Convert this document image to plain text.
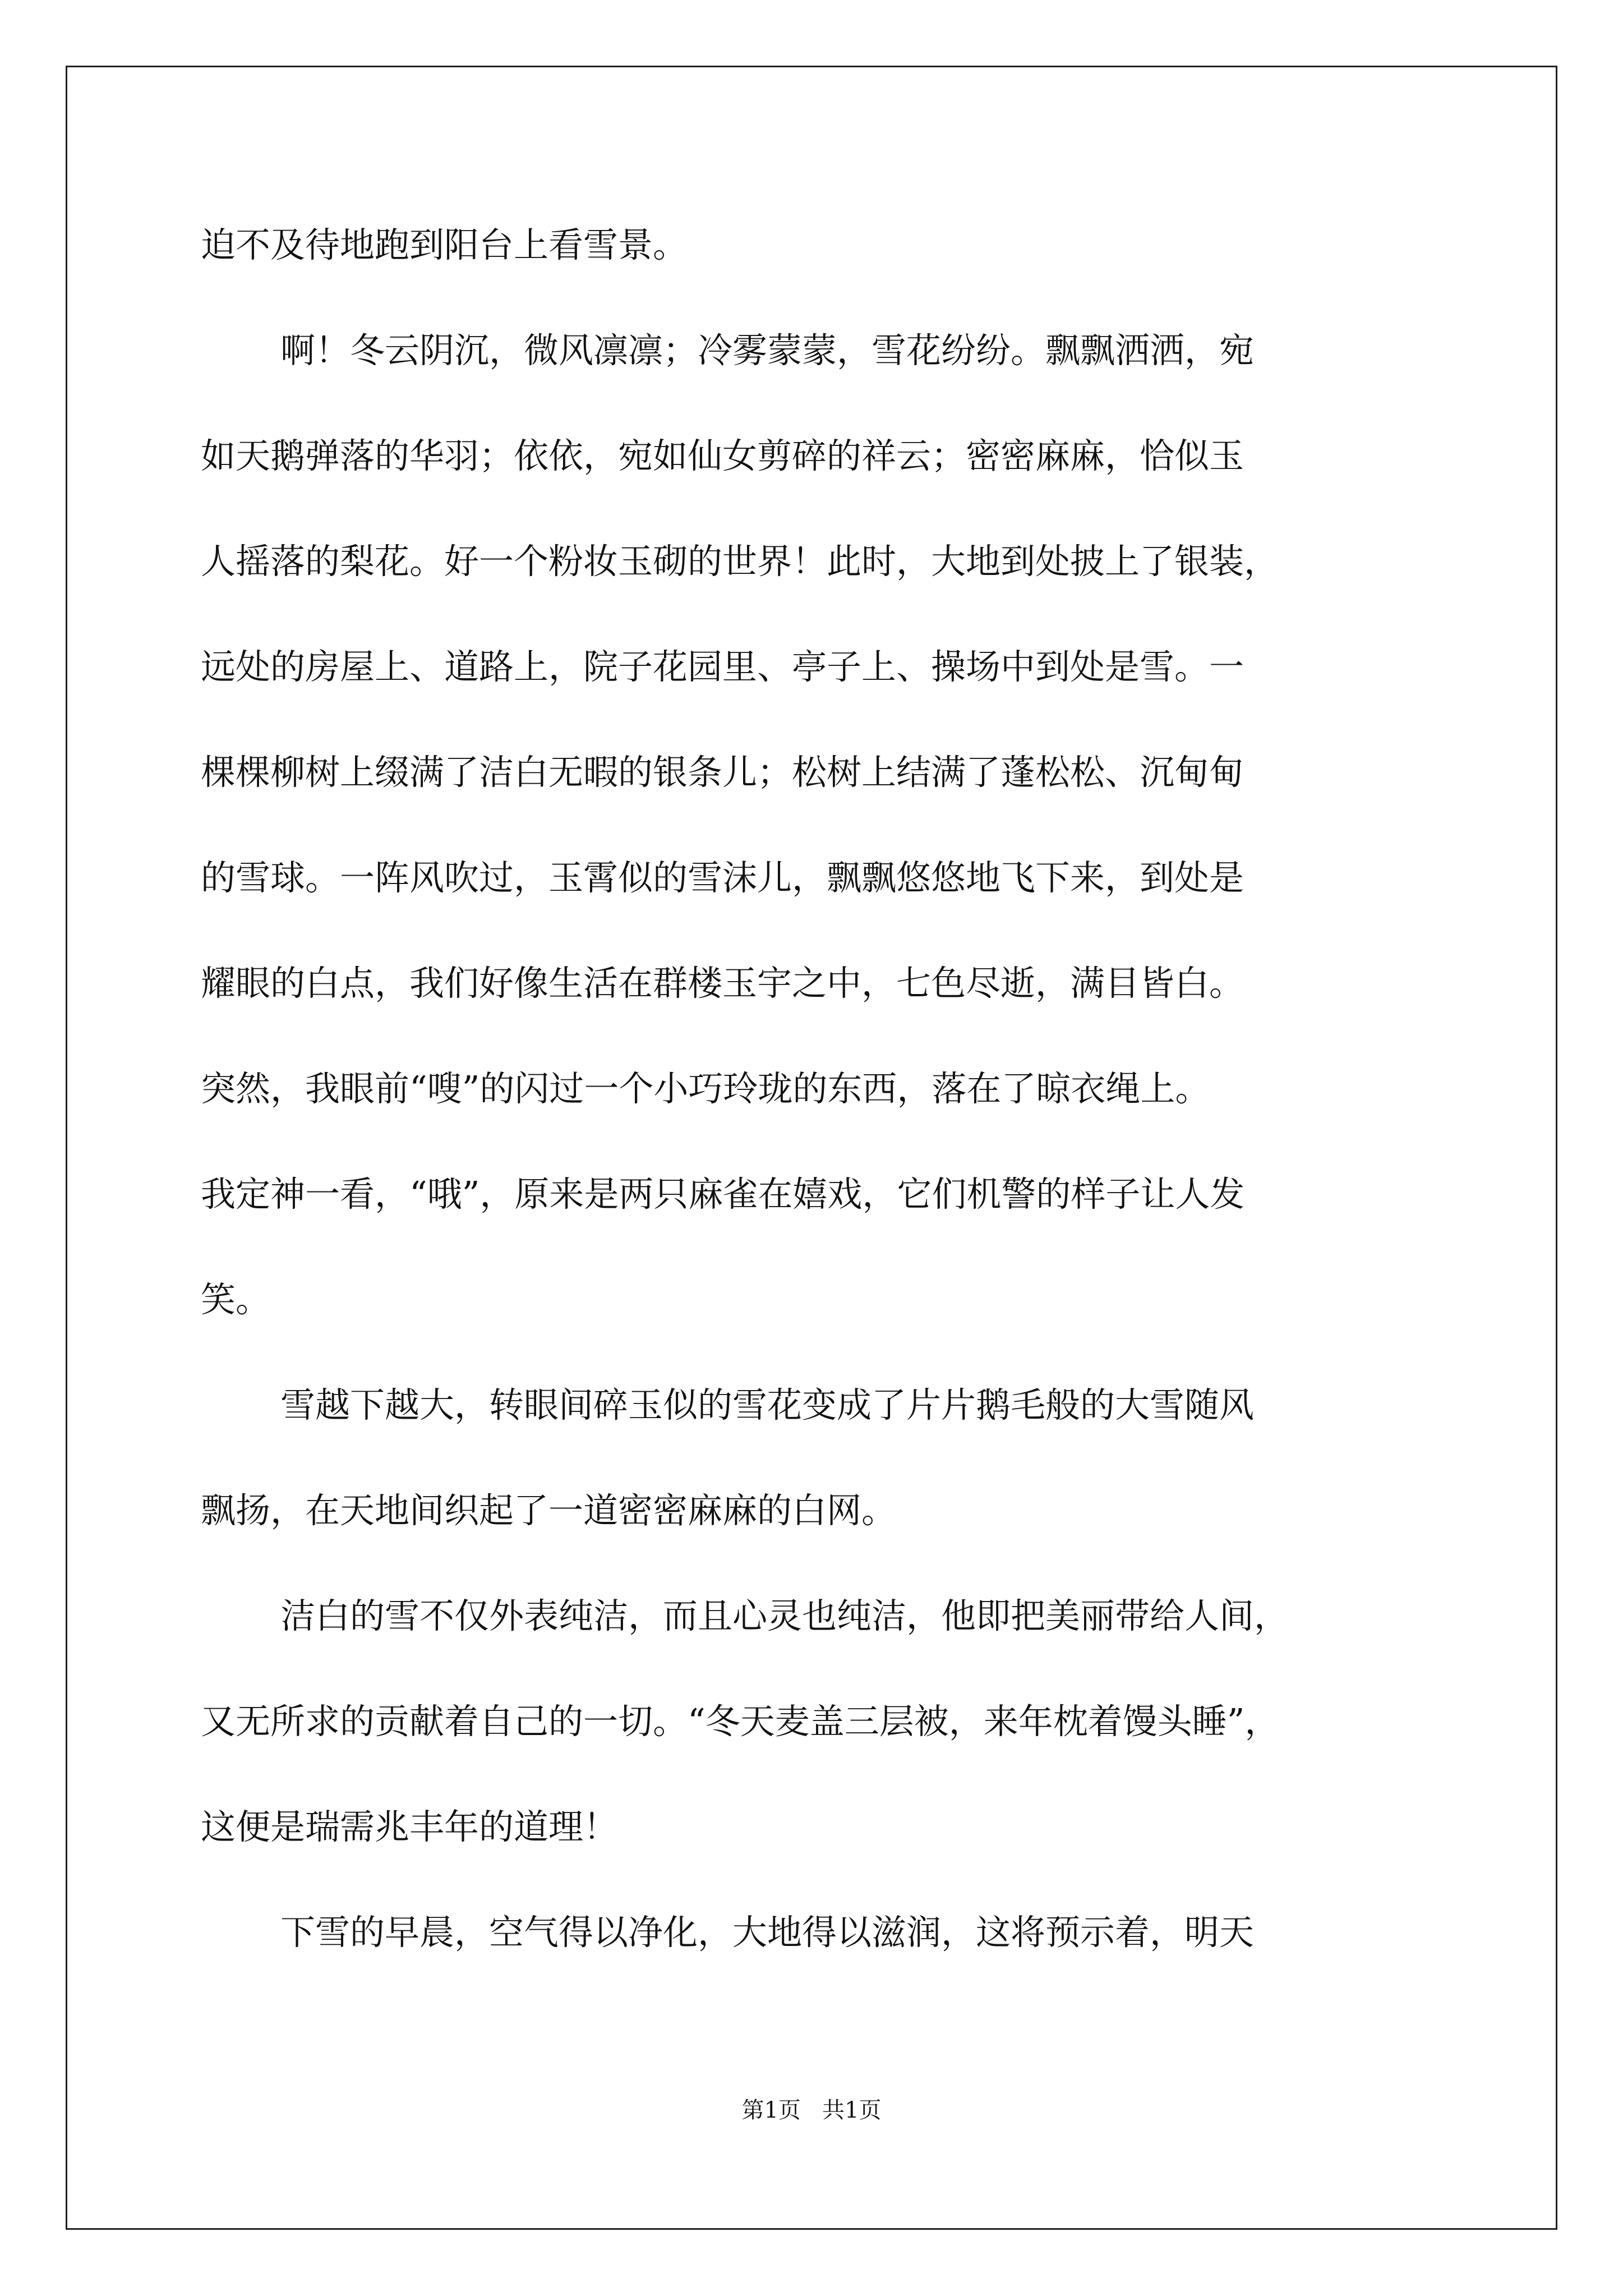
迫不及待地跑到阳台上看雪景。
啊！冬云阴沉，微风凛凛；冷雾蒙蒙，雪花纷纷。飘飘洒洒，宛
如天鹅弹落的华羽；依依，宛如仙女剪碎的祥云；密密麻麻，恰似玉
人摇落的梨花。好一个粉妆玉砌的世界！此时，大地到处披上了银装，
远处的房屋上、道路上，院子花园里、亭子上、操场中到处是雪。一
棵棵柳树上缀满了洁白无暇的银条儿；松树上结满了蓬松松、沉甸甸
的雪球。一阵风吹过，玉霄似的雪沫儿，飘飘悠悠地飞下来，到处是
耀眼的白点，我们好像生活在群楼玉宇之中，七色尽逝，满目皆白。
突然，我眼前“嗖”的闪过一个小巧玲珑的东西，落在了晾衣绳上。
我定神一看，“哦”，原来是两只麻雀在嬉戏，它们机警的样子让人发
笑。
雪越下越大，转眼间碎玉似的雪花变成了片片鹅毛般的大雪随风
飘扬，在天地间织起了一道密密麻麻的白网。
洁白的雪不仅外表纯洁，而且心灵也纯洁，他即把美丽带给人间，
又无所求的贡献着自己的一切。“冬天麦盖三层被，来年枕着馒头睡”，
这便是瑞需兆丰年的道理！
下雪的早晨，空气得以净化，大地得以滋润，这将预示着，明天
第1页   共1页
